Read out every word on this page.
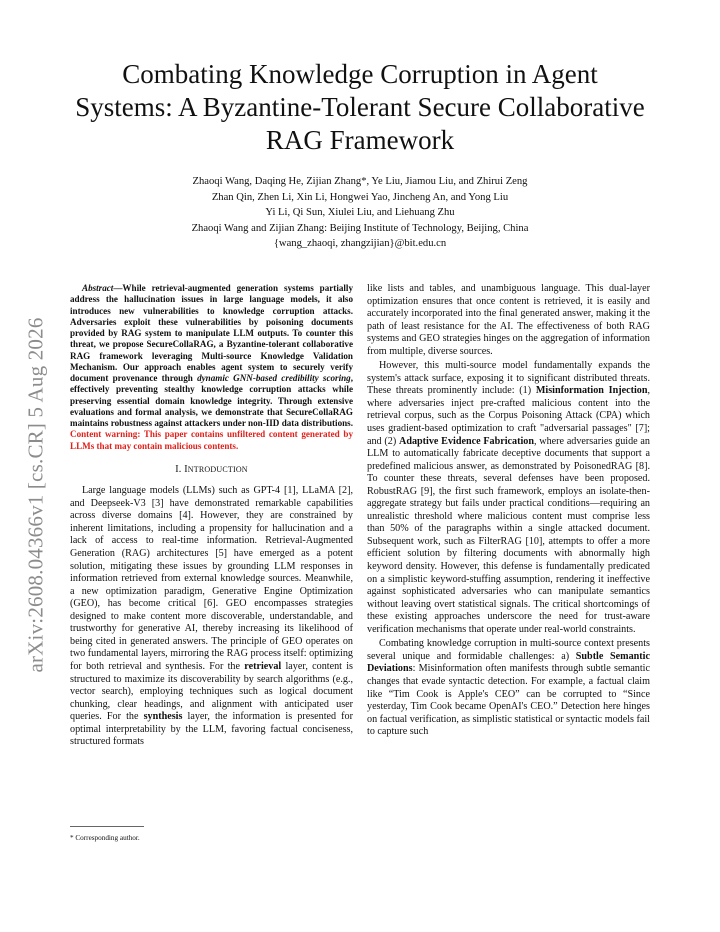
arXiv:2608.04366v1 [cs.CR] 5 Aug 2026
Combating Knowledge Corruption in Agent
Systems: A Byzantine-Tolerant Secure Collaborative
RAG Framework
Zhaoqi Wang, Daqing He, Zijian Zhang*, Ye Liu, Jiamou Liu, and Zhirui Zeng
Zhan Qin, Zhen Li, Xin Li, Hongwei Yao, Jincheng An, and Yong Liu
Yi Li, Qi Sun, Xiulei Liu, and Liehuang Zhu
Zhaoqi Wang and Zijian Zhang: Beijing Institute of Technology, Beijing, China
{wang_zhaoqi, zhangzijian}@bit.edu.cn
Abstract—While retrieval-augmented generation systems partially address the hallucination issues in large language models, it also introduces new vulnerabilities to knowledge corruption attacks. Adversaries exploit these vulnerabilities by poisoning documents provided by RAG system to manipulate LLM outputs. To counter this threat, we propose SecureCollaRAG, a Byzantine-tolerant collaborative RAG framework leveraging Multi-source Knowledge Validation Mechanism. Our approach enables agent system to securely verify document provenance through dynamic GNN-based credibility scoring, effectively preventing stealthy knowledge corruption attacks while preserving essential domain knowledge integrity. Through extensive evaluations and formal analysis, we demonstrate that SecureCollaRAG maintains robustness against attackers under non-IID data distributions. Content warning: This paper contains unfiltered content generated by LLMs that may contain malicious contents.
I. INTRODUCTION

Large language models (LLMs) such as GPT-4 [1], LLaMA [2], and Deepseek-V3 [3] have demonstrated remarkable capabilities across diverse domains [4]. However, they are constrained by inherent limitations, including a propensity for hallucination and a lack of access to real-time information. Retrieval-Augmented Generation (RAG) architectures [5] have emerged as a potent solution, mitigating these issues by grounding LLM responses in information retrieved from external knowledge sources. Meanwhile, a new optimization paradigm, Generative Engine Optimization (GEO), has become critical [6]. GEO encompasses strategies designed to make content more discoverable, understandable, and trustworthy for generative AI, thereby increasing its likelihood of being cited in generated answers. The principle of GEO operates on two fundamental layers, mirroring the RAG process itself: optimizing for both retrieval and synthesis. For the retrieval layer, content is structured to maximize its discoverability by search algorithms (e.g., vector search), employing techniques such as logical document chunking, clear headings, and alignment with anticipated user queries. For the synthesis layer, the information is presented for optimal interpretability by the LLM, favoring factual conciseness, structured formats

like lists and tables, and unambiguous language. This dual-layer optimization ensures that once content is retrieved, it is easily and accurately incorporated into the final generated answer, making it the path of least resistance for the AI. The effectiveness of both RAG systems and GEO strategies hinges on the aggregation of information from multiple, diverse sources.

However, this multi-source model fundamentally expands the system's attack surface, exposing it to significant distributed threats. These threats prominently include: (1) Misinformation Injection, where adversaries inject pre-crafted malicious content into the retrieval corpus, such as the Corpus Poisoning Attack (CPA) which uses gradient-based optimization to craft "adversarial passages" [7]; and (2) Adaptive Evidence Fabrication, where adversaries guide an LLM to automatically fabricate deceptive documents that support a predefined malicious answer, as demonstrated by PoisonedRAG [8]. To counter these threats, several defenses have been proposed. RobustRAG [9], the first such framework, employs an isolate-then-aggregate strategy but fails under practical conditions—requiring an unrealistic threshold where malicious content must comprise less than 50% of the paragraphs within a single attacked document. Subsequent work, such as FilterRAG [10], attempts to offer a more efficient solution by filtering documents with abnormally high keyword density. However, this defense is fundamentally predicated on a simplistic keyword-stuffing assumption, rendering it ineffective against sophisticated adversaries who can manipulate semantics without leaving overt statistical signals. The critical shortcomings of these existing approaches underscore the need for trust-aware verification mechanisms that operate under real-world constraints.

Combating knowledge corruption in multi-source context presents several unique and formidable challenges: a) Subtle Semantic Deviations: Misinformation often manifests through subtle semantic changes that evade syntactic detection. For example, a factual claim like “Tim Cook is Apple's CEO” can be corrupted to “Since yesterday, Tim Cook became OpenAI's CEO.” Detection here hinges on factual verification, as simplistic statistical or syntactic models fail to capture such

* Corresponding author.
